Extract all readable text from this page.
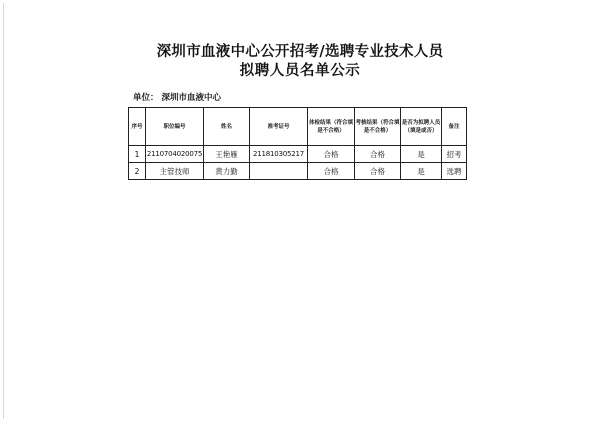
深圳市血液中心公开招考/选聘专业技术人员
拟聘人员名单公示
单位： 深圳市血液中心
序号	职位编号	姓名	准考证号	体检结果（符合填是不合格）	考核结果（符合填是不合格）	是否为拟聘人员（填是或否）	备注
1	2110704020075	王艳雁	211810305217	合格	合格	是	招考
2	主管技师	黄力勤		合格	合格	是	选聘
